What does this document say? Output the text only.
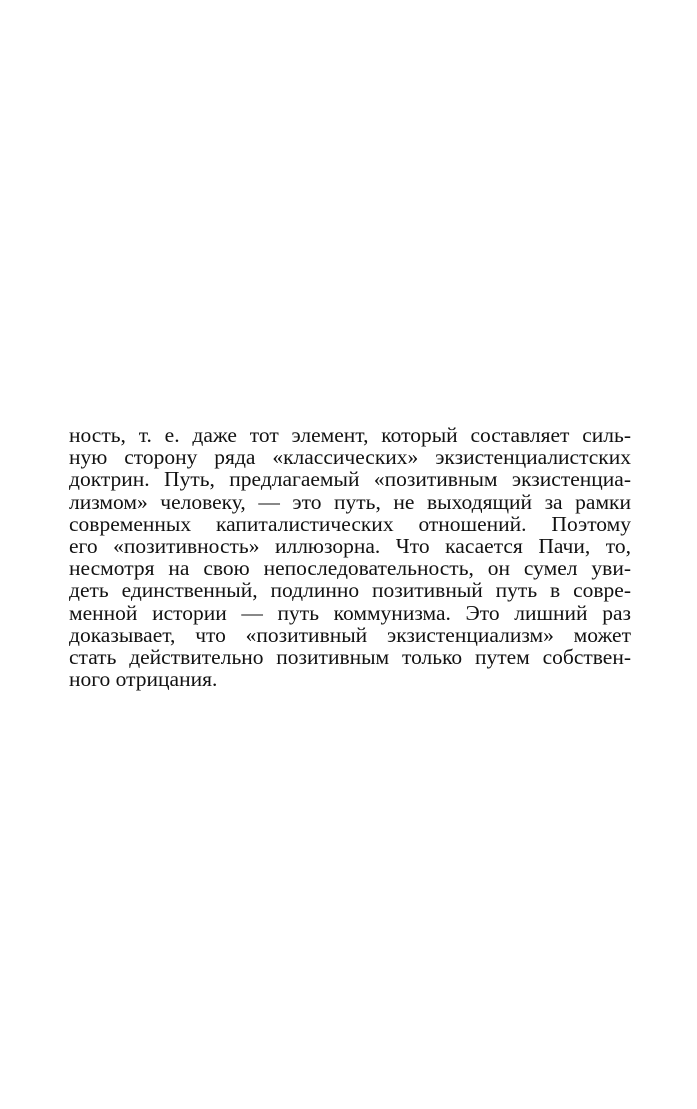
ность, т. е. даже тот элемент, который составляет силь-
ную сторону ряда «классических» экзистенциалистских
доктрин. Путь, предлагаемый «позитивным экзистенциа-
лизмом» человеку, — это путь, не выходящий за рамки
современных капиталистических отношений. Поэтому
его «позитивность» иллюзорна. Что касается Пачи, то,
несмотря на свою непоследовательность, он сумел уви-
деть единственный, подлинно позитивный путь в совре-
менной истории — путь коммунизма. Это лишний раз
доказывает, что «позитивный экзистенциализм» может
стать действительно позитивным только путем собствен-
ного отрицания.
